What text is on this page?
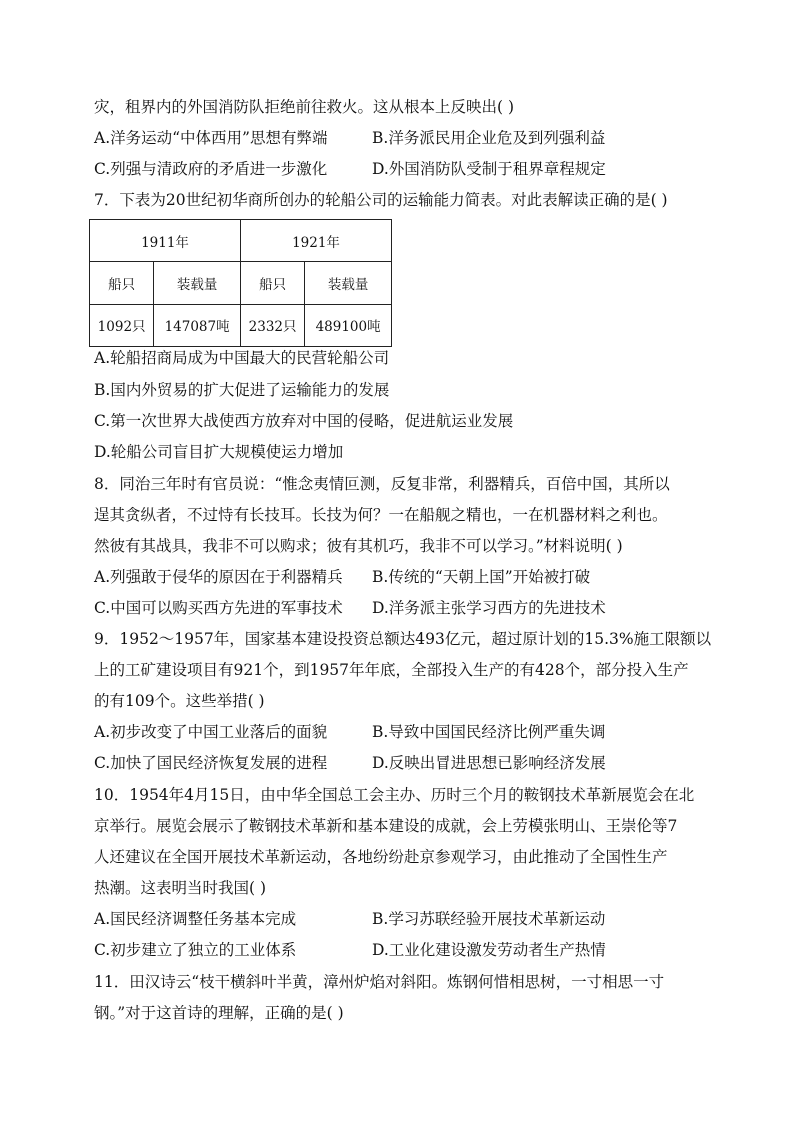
灾，租界内的外国消防队拒绝前往救火。这从根本上反映出( )
A.洋务运动“中体西用”思想有弊端	B.洋务派民用企业危及到列强利益
C.列强与清政府的矛盾进一步激化	D.外国消防队受制于租界章程规定
7．下表为20世纪初华商所创办的轮船公司的运输能力简表。对此表解读正确的是( )
1911年		1921年	
船只	装载量	船只	装载量
1092只	147087吨	2332只	489100吨
A.轮船招商局成为中国最大的民营轮船公司
B.国内外贸易的扩大促进了运输能力的发展
C.第一次世界大战使西方放弃对中国的侵略，促进航运业发展
D.轮船公司盲目扩大规模使运力增加
8．同治三年时有官员说：“惟念夷情叵测，反复非常，利器精兵，百倍中国，其所以
逞其贪纵者，不过恃有长技耳。长技为何？一在船舰之精也，一在机器材料之利也。
然彼有其战具，我非不可以购求；彼有其机巧，我非不可以学习。”材料说明( )
A.列强敢于侵华的原因在于利器精兵 B.传统的“天朝上国”开始被打破
C.中国可以购买西方先进的军事技术 D.洋务派主张学习西方的先进技术
9．1952～1957年，国家基本建设投资总额达493亿元，超过原计划的15.3%施工限额以
上的工矿建设项目有921个，到1957年年底，全部投入生产的有428个，部分投入生产
的有109个。这些举措( )
A.初步改变了中国工业落后的面貌	B.导致中国国民经济比例严重失调
C.加快了国民经济恢复发展的进程	D.反映出冒进思想已影响经济发展
10．1954年4月15日，由中华全国总工会主办、历时三个月的鞍钢技术革新展览会在北
京举行。展览会展示了鞍钢技术革新和基本建设的成就，会上劳模张明山、王崇伦等7
人还建议在全国开展技术革新运动，各地纷纷赴京参观学习，由此推动了全国性生产
热潮。这表明当时我国( )
A.国民经济调整任务基本完成	B.学习苏联经验开展技术革新运动
C.初步建立了独立的工业体系	D.工业化建设激发劳动者生产热情
11．田汉诗云“枝干横斜叶半黄，漳州炉焰对斜阳。炼钢何惜相思树，一寸相思一寸
钢。”对于这首诗的理解，正确的是( )
